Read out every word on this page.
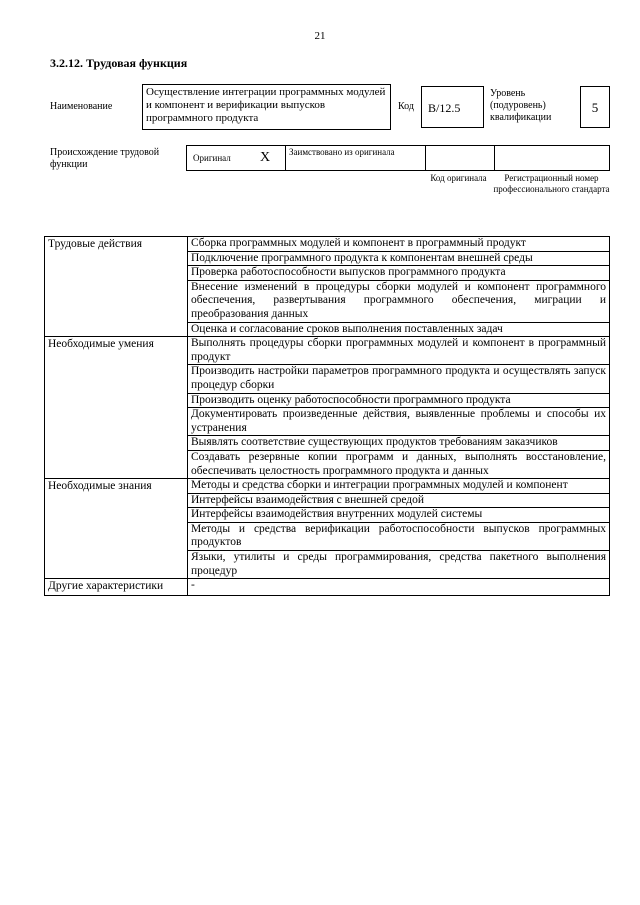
21
3.2.12. Трудовая функция
Наименование
Осуществление интеграции программных модулей и компонент и верификации выпусков программного продукта
Код	B/12.5
Уровень (подуровень) квалификации
5
Происхождение трудовой функции
Оригинал X Заимствовано из оригинала
Код оригинала	Регистрационный номер профессионального стандарта
Трудовые действия	Сборка программных модулей и компонент в программный продукт
	Подключение программного продукта к компонентам внешней среды
	Проверка работоспособности выпусков программного продукта
	Внесение изменений в процедуры сборки модулей и компонент программного обеспечения, развертывания программного обеспечения, миграции и преобразования данных
	Оценка и согласование сроков выполнения поставленных задач
Необходимые умения	Выполнять процедуры сборки программных модулей и компонент в программный продукт
	Производить настройки параметров программного продукта и осуществлять запуск процедур сборки
	Производить оценку работоспособности программного продукта
	Документировать произведенные действия, выявленные проблемы и способы их устранения
	Выявлять соответствие существующих продуктов требованиям заказчиков
	Создавать резервные копии программ и данных, выполнять восстановление, обеспечивать целостность программного продукта и данных
Необходимые знания	Методы и средства сборки и интеграции программных модулей и компонент
	Интерфейсы взаимодействия с внешней средой
	Интерфейсы взаимодействия внутренних модулей системы
	Методы и средства верификации работоспособности выпусков программных продуктов
	Языки, утилиты и среды программирования, средства пакетного выполнения процедур
Другие характеристики	-
